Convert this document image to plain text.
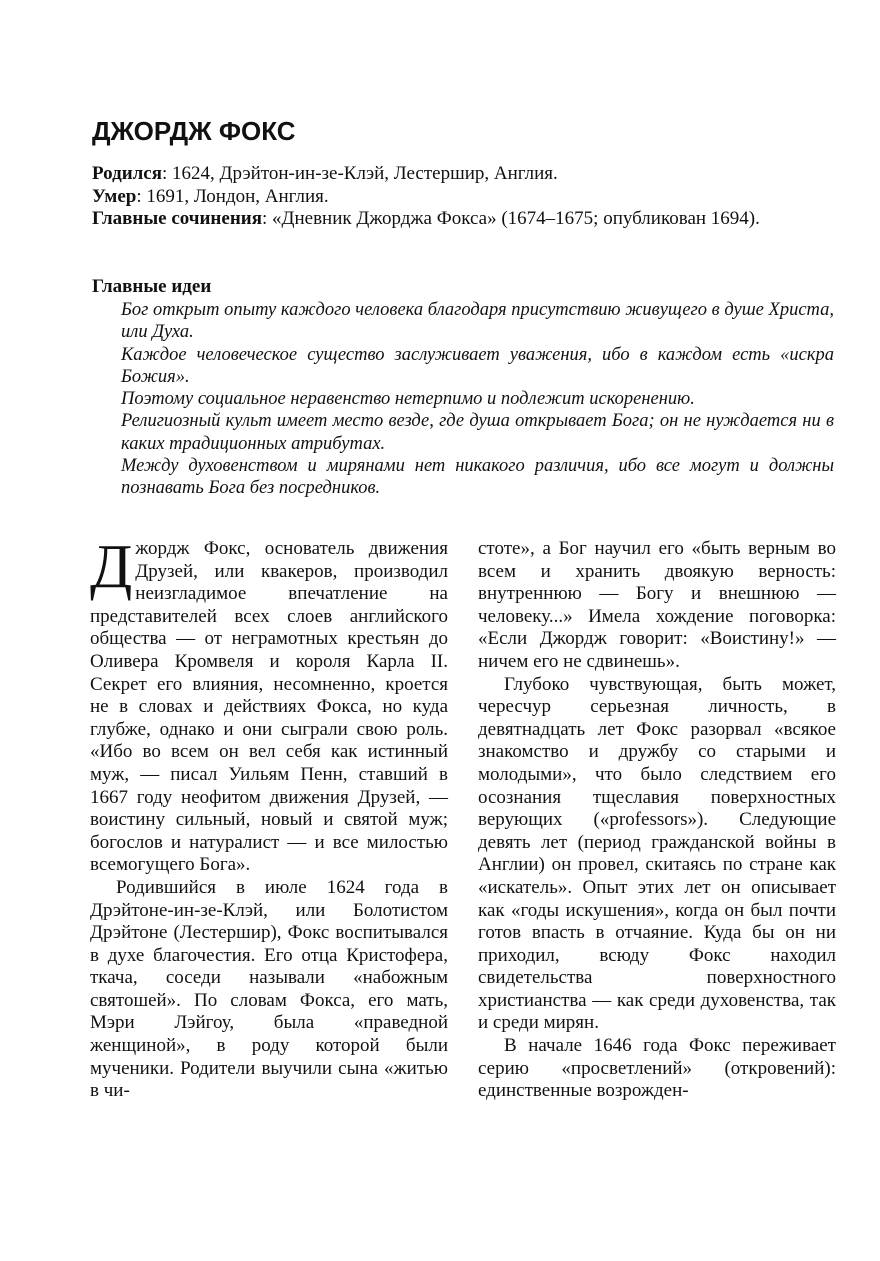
ДЖОРДЖ ФОКС

Родился: 1624, Дрэйтон-ин-зе-Клэй, Лестершир, Англия.

Умер: 1691, Лондон, Англия.

Главные сочинения: «Дневник Джорджа Фокса» (1674–1675; опубликован 1694).

Главные идеи

Бог открыт опыту каждого человека благодаря присутствию живущего в душе Христа, или Духа.

Каждое человеческое существо заслуживает уважения, ибо в каждом есть «искра Божия».

Поэтому социальное неравенство нетерпимо и подлежит искоренению.

Религиозный культ имеет место везде, где душа открывает Бога; он не нуждается ни в каких традиционных атрибутах.

Между духовенством и мирянами нет никакого различия, ибо все могут и должны познавать Бога без посредников.

Джордж Фокс, основатель движения Друзей, или квакеров, производил неизгладимое впечатление на представителей всех слоев английского общества — от неграмотных крестьян до Оливера Кромвеля и короля Карла II. Секрет его влияния, несомненно, кроется не в словах и действиях Фокса, но куда глубже, однако и они сыграли свою роль. «Ибо во всем он вел себя как истинный муж, — писал Уильям Пенн, ставший в 1667 году неофитом движения Друзей, — воистину сильный, новый и святой муж; богослов и натуралист — и все милостью всемогущего Бога».

Родившийся в июле 1624 года в Дрэйтоне-ин-зе-Клэй, или Болотистом Дрэйтоне (Лестершир), Фокс воспитывался в духе благочестия. Его отца Кристофера, ткача, соседи называли «набожным святошей». По словам Фокса, его мать, Мэри Лэйгоу, была «праведной женщиной», в роду которой были мученики. Родители выучили сына «житью в чи-

стоте», а Бог научил его «быть верным во всем и хранить двоякую верность: внутреннюю — Богу и внешнюю — человеку...» Имела хождение поговорка: «Если Джордж говорит: «Воистину!» — ничем его не сдвинешь».

Глубоко чувствующая, быть может, чересчур серьезная личность, в девятнадцать лет Фокс разорвал «всякое знакомство и дружбу со старыми и молодыми», что было следствием его осознания тщеславия поверхностных верующих («professors»). Следующие девять лет (период гражданской войны в Англии) он провел, скитаясь по стране как «искатель». Опыт этих лет он описывает как «годы искушения», когда он был почти готов впасть в отчаяние. Куда бы он ни приходил, всюду Фокс находил свидетельства поверхностного христианства — как среди духовенства, так и среди мирян.

В начале 1646 года Фокс переживает серию «просветлений» (откровений): единственные возрожден-
